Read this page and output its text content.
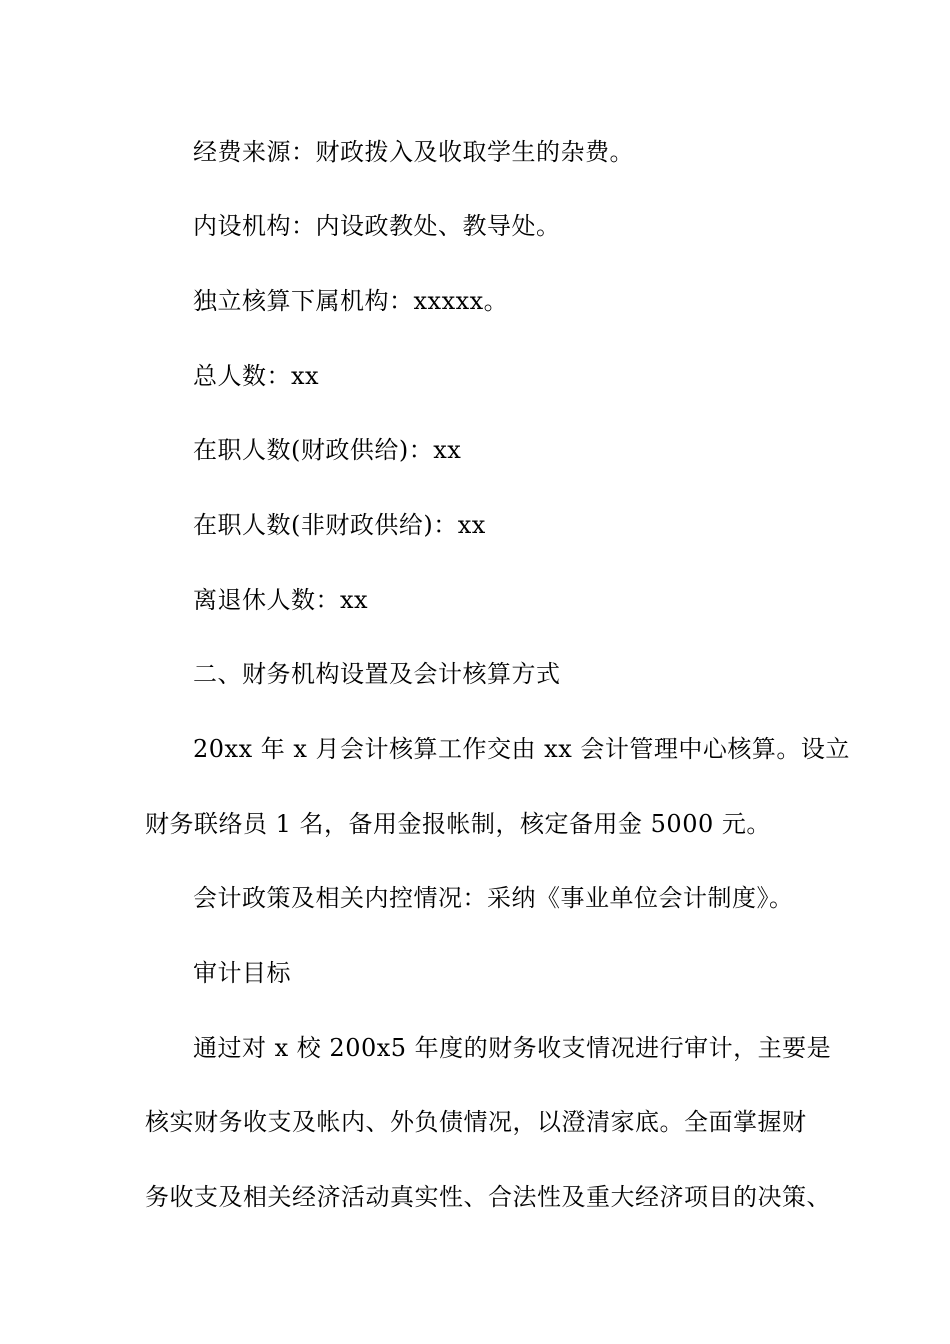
经费来源：财政拨入及收取学生的杂费。
内设机构：内设政教处、教导处。
独立核算下属机构：xxxxx。
总人数：xx
在职人数(财政供给)：xx
在职人数(非财政供给)：xx
离退休人数：xx
二、财务机构设置及会计核算方式
20xx 年 x 月会计核算工作交由 xx 会计管理中心核算。设立
财务联络员 1 名，备用金报帐制，核定备用金 5000 元。
会计政策及相关内控情况：采纳《事业单位会计制度》。
审计目标
通过对 x 校 200x5 年度的财务收支情况进行审计，主要是
核实财务收支及帐内、外负债情况，以澄清家底。全面掌握财
务收支及相关经济活动真实性、合法性及重大经济项目的决策、
